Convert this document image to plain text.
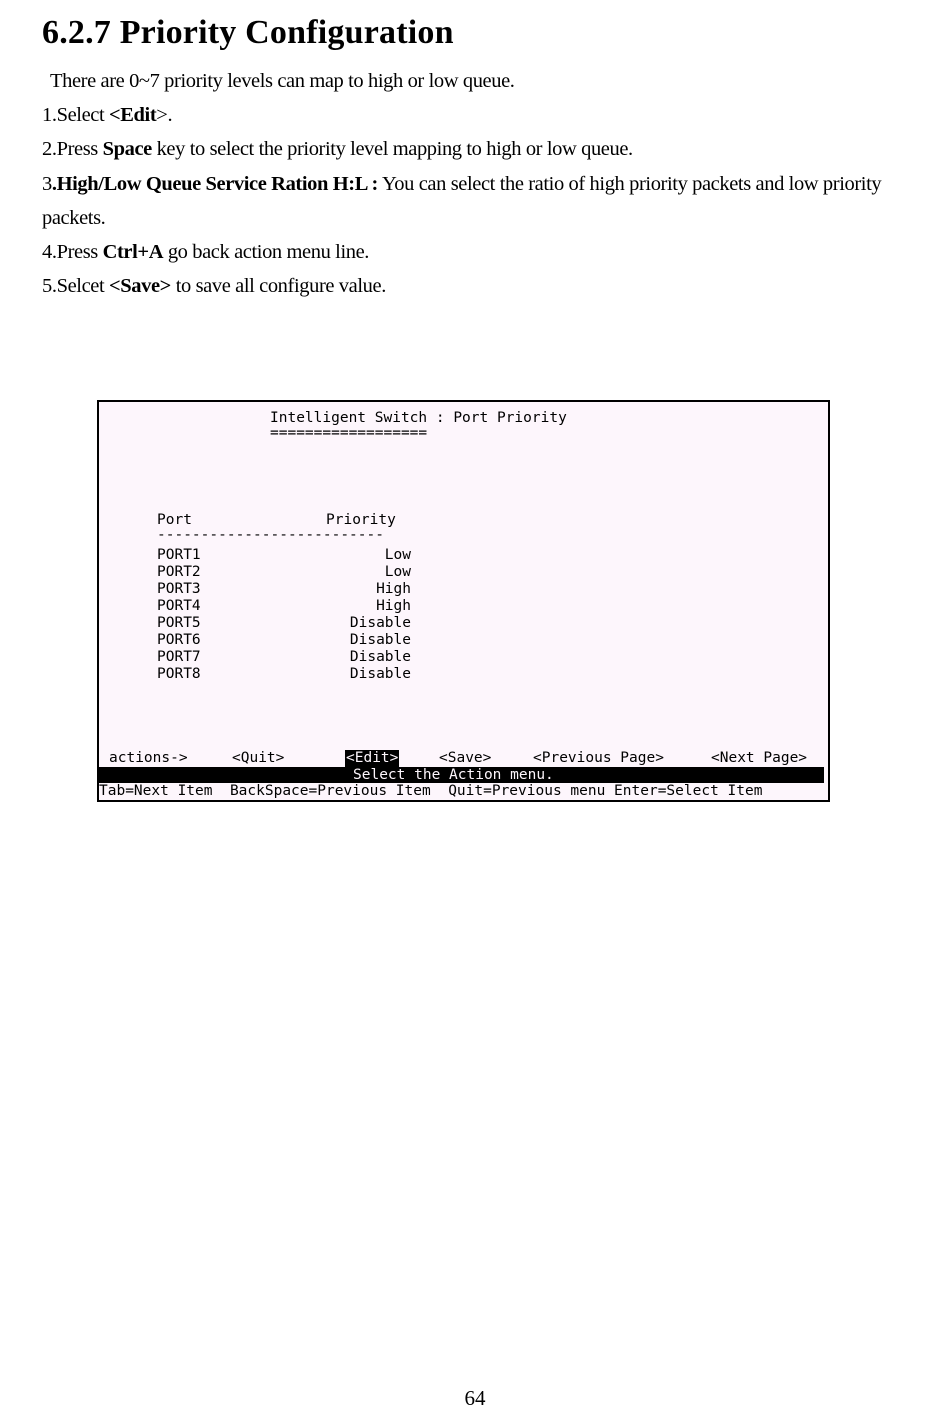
6.2.7 Priority Configuration
There are 0~7 priority levels can map to high or low queue.
1.Select <Edit>.
2.Press Space key to select the priority level mapping to high or low queue.
3.High/Low Queue Service Ration H:L : You can select the ratio of high priority packets and low priority packets.
4.Press Ctrl+A go back action menu line.
5.Selcet <Save> to save all configure value.
Intelligent Switch : Port Priority
==================
Port	Priority
--------------------------
PORT1	Low
PORT2	Low
PORT3	High
PORT4	High
PORT5	Disable
PORT6	Disable
PORT7	Disable
PORT8	Disable
actions->	<Quit>	<Edit>	<Save>	<Previous Page>	<Next Page>
Select the Action menu.
Tab=Next Item  BackSpace=Previous Item  Quit=Previous menu Enter=Select Item
64
